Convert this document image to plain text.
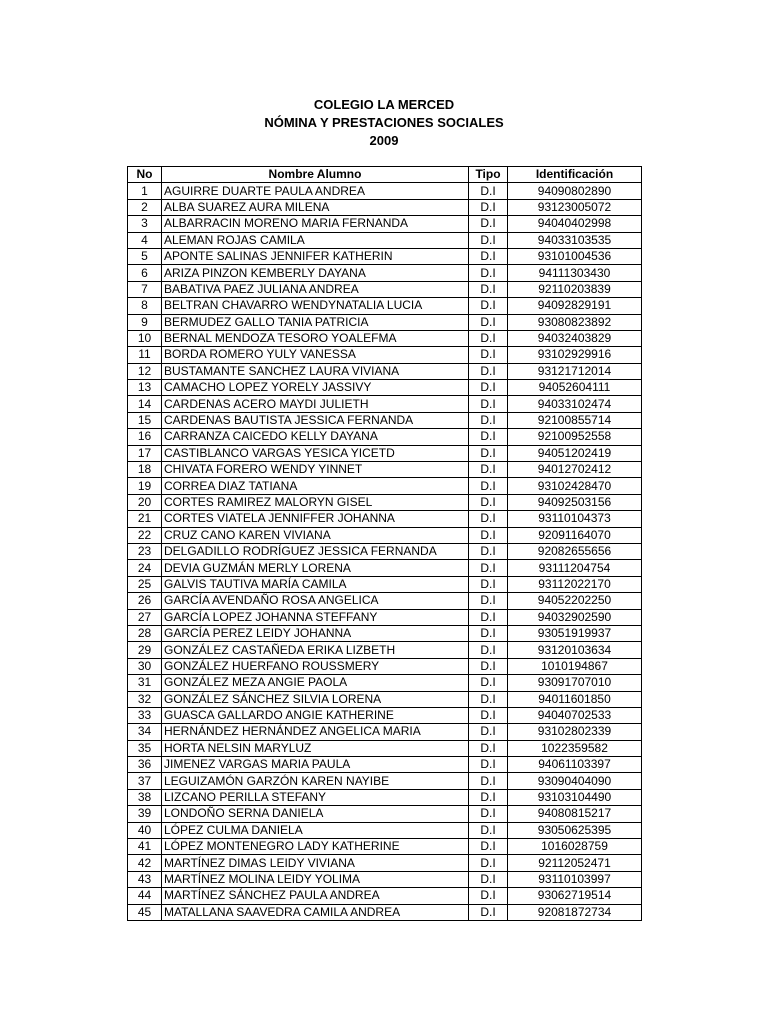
COLEGIO LA MERCED
NÓMINA Y PRESTACIONES SOCIALES
2009
No	Nombre Alumno	Tipo	Identificación
1	AGUIRRE DUARTE PAULA ANDREA	D.I	94090802890
2	ALBA SUAREZ AURA MILENA	D.I	93123005072
3	ALBARRACIN MORENO MARIA FERNANDA	D.I	94040402998
4	ALEMAN ROJAS CAMILA	D.I	94033103535
5	APONTE SALINAS JENNIFER KATHERIN	D.I	93101004536
6	ARIZA PINZON KEMBERLY DAYANA	D.I	94111303430
7	BABATIVA PAEZ JULIANA ANDREA	D.I	92110203839
8	BELTRAN CHAVARRO WENDYNATALIA LUCIA	D.I	94092829191
9	BERMUDEZ GALLO TANIA PATRICIA	D.I	93080823892
10	BERNAL MENDOZA TESORO YOALEFMA	D.I	94032403829
11	BORDA ROMERO YULY VANESSA	D.I	93102929916
12	BUSTAMANTE SANCHEZ LAURA VIVIANA	D.I	93121712014
13	CAMACHO LOPEZ YORELY JASSIVY	D.I	94052604111
14	CARDENAS ACERO MAYDI JULIETH	D.I	94033102474
15	CARDENAS BAUTISTA JESSICA FERNANDA	D.I	92100855714
16	CARRANZA CAICEDO KELLY DAYANA	D.I	92100952558
17	CASTIBLANCO VARGAS YESICA YICETD	D.I	94051202419
18	CHIVATA FORERO WENDY YINNET	D.I	94012702412
19	CORREA DIAZ TATIANA	D.I	93102428470
20	CORTES RAMIREZ MALORYN GISEL	D.I	94092503156
21	CORTES VIATELA JENNIFFER JOHANNA	D.I	93110104373
22	CRUZ CANO KAREN VIVIANA	D.I	92091164070
23	DELGADILLO RODRÍGUEZ JESSICA FERNANDA	D.I	92082655656
24	DEVIA GUZMÁN MERLY LORENA	D.I	93111204754
25	GALVIS TAUTIVA MARÍA CAMILA	D.I	93112022170
26	GARCÍA AVENDAÑO ROSA ANGELICA	D.I	94052202250
27	GARCÍA LOPEZ JOHANNA STEFFANY	D.I	94032902590
28	GARCÍA PEREZ LEIDY JOHANNA	D.I	93051919937
29	GONZÁLEZ CASTAÑEDA ERIKA LIZBETH	D.I	93120103634
30	GONZÁLEZ HUERFANO ROUSSMERY	D.I	1010194867
31	GONZÁLEZ MEZA ANGIE PAOLA	D.I	93091707010
32	GONZÁLEZ SÁNCHEZ SILVIA LORENA	D.I	94011601850
33	GUASCA GALLARDO ANGIE KATHERINE	D.I	94040702533
34	HERNÁNDEZ HERNÁNDEZ ANGELICA MARIA	D.I	93102802339
35	HORTA NELSIN MARYLUZ	D.I	1022359582
36	JIMENEZ VARGAS MARIA PAULA	D.I	94061103397
37	LEGUIZAMÓN GARZÓN KAREN NAYIBE	D.I	93090404090
38	LIZCANO PERILLA STEFANY	D.I	93103104490
39	LONDOÑO SERNA DANIELA	D.I	94080815217
40	LÓPEZ CULMA DANIELA	D.I	93050625395
41	LÓPEZ MONTENEGRO LADY KATHERINE	D.I	1016028759
42	MARTÍNEZ DIMAS LEIDY VIVIANA	D.I	92112052471
43	MARTÍNEZ MOLINA LEIDY YOLIMA	D.I	93110103997
44	MARTÍNEZ SÁNCHEZ PAULA ANDREA	D.I	93062719514
45	MATALLANA SAAVEDRA CAMILA ANDREA	D.I	92081872734
